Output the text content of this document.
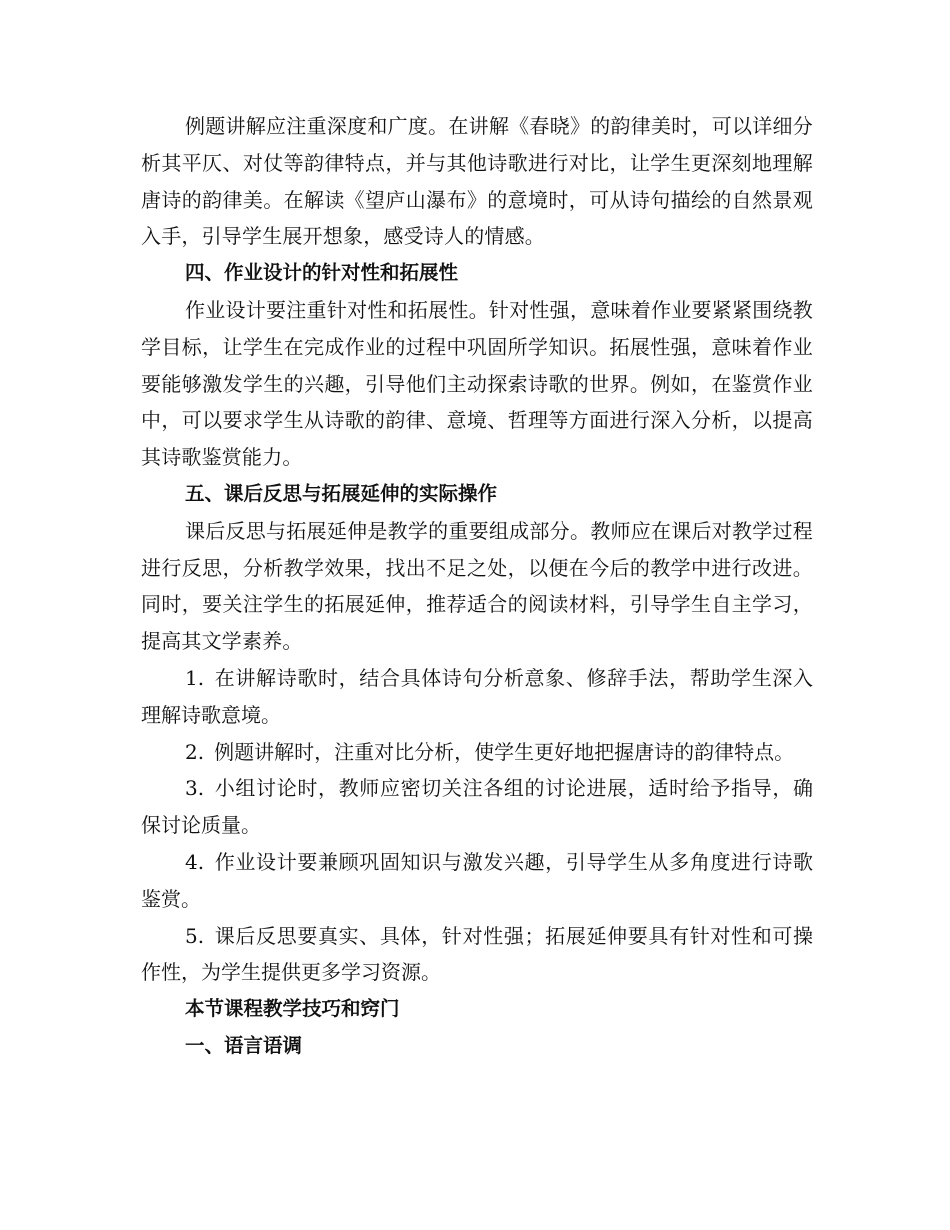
例题讲解应注重深度和广度。在讲解《春晓》的韵律美时，可以详细分析其平仄、对仗等韵律特点，并与其他诗歌进行对比，让学生更深刻地理解唐诗的韵律美。在解读《望庐山瀑布》的意境时，可从诗句描绘的自然景观入手，引导学生展开想象，感受诗人的情感。

四、作业设计的针对性和拓展性

作业设计要注重针对性和拓展性。针对性强，意味着作业要紧紧围绕教学目标，让学生在完成作业的过程中巩固所学知识。拓展性强，意味着作业要能够激发学生的兴趣，引导他们主动探索诗歌的世界。例如，在鉴赏作业中，可以要求学生从诗歌的韵律、意境、哲理等方面进行深入分析，以提高其诗歌鉴赏能力。

五、课后反思与拓展延伸的实际操作

课后反思与拓展延伸是教学的重要组成部分。教师应在课后对教学过程进行反思，分析教学效果，找出不足之处，以便在今后的教学中进行改进。同时，要关注学生的拓展延伸，推荐适合的阅读材料，引导学生自主学习，提高其文学素养。

1. 在讲解诗歌时，结合具体诗句分析意象、修辞手法，帮助学生深入理解诗歌意境。

2. 例题讲解时，注重对比分析，使学生更好地把握唐诗的韵律特点。

3. 小组讨论时，教师应密切关注各组的讨论进展，适时给予指导，确保讨论质量。

4. 作业设计要兼顾巩固知识与激发兴趣，引导学生从多角度进行诗歌鉴赏。

5. 课后反思要真实、具体，针对性强；拓展延伸要具有针对性和可操作性，为学生提供更多学习资源。

本节课程教学技巧和窍门

一、语言语调
